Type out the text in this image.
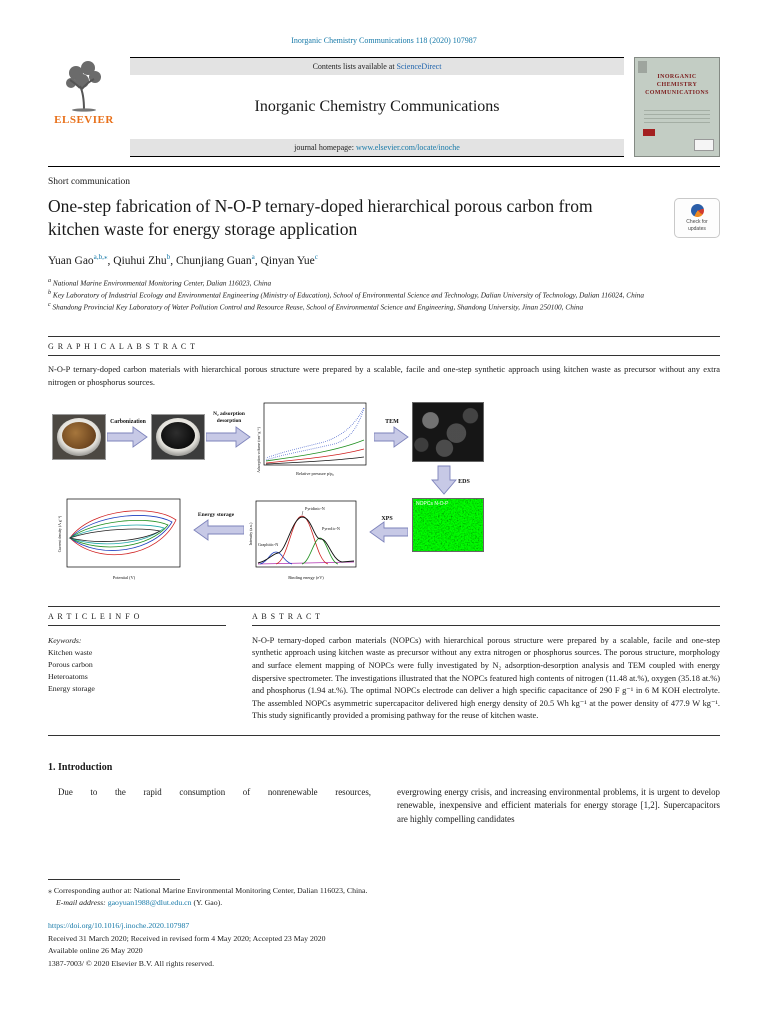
Inorganic Chemistry Communications 118 (2020) 107987
ELSEVIER
Contents lists available at ScienceDirect
Inorganic Chemistry Communications
journal homepage: www.elsevier.com/locate/inoche
INORGANIC CHEMISTRY COMMUNICATIONS
Short communication
One-step fabrication of N-O-P ternary-doped hierarchical porous carbon from kitchen waste for energy storage application	Check for
updates
Yuan Gao$^{a,b,⁎}$, Qiuhui Zhu$^b$, Chunjiang Guan$^a$, Qinyan Yue$^c$
$^a$ National Marine Environmental Monitoring Center, Dalian 116023, China
$^b$ Key Laboratory of Industrial Ecology and Environmental Engineering (Ministry of Education), School of Environmental Science and Technology, Dalian University of Technology, Dalian 116024, China
$^c$ Shandong Provincial Key Laboratory of Water Pollution Control and Resource Reuse, School of Environmental Science and Engineering, Shandong University, Jinan 250100, China
G R A P H I C A L A B S T R A C T
N-O-P ternary-doped carbon materials with hierarchical porous structure were prepared by a scalable, facile and one-step synthetic approach using kitchen waste as precursor without any extra nitrogen or phosphorus sources.
Carbonization
N₂ adsorption
desorption
Adsorption volume (cm³ g⁻¹)
Relative pressure p/p₀
TEM
EDS
NOPCs N-O-P
Current density (A g⁻¹)
Potential (V)
Energy storage
Pyridinic-N
Pyrrolic-N
Graphitic-N
Intensity (a.u.)
Binding energy (eV)
XPS
A R T I C L E I N F O
Keywords:
Kitchen waste
Porous carbon
Heteroatoms
Energy storage
A B S T R A C T
N-O-P ternary-doped carbon materials (NOPCs) with hierarchical porous structure were prepared by a scalable, facile and one-step synthetic approach using kitchen waste as precursor without any extra nitrogen or phosphorus sources. The porous structure, morphology and surface element mapping of NOPCs were fully investigated by N₂ adsorption-desorption analysis and TEM coupled with energy dispersive spectrometer. The investigations illustrated that the NOPCs featured high contents of nitrogen (11.48 at.%), oxygen (35.18 at.%) and phosphorus (1.94 at.%). The optimal NOPCs electrode can deliver a high specific capacitance of 290 F g⁻¹ in 6 M KOH electrolyte. The assembled NOPCs asymmetric supercapacitor delivered high energy density of 20.5 Wh kg⁻¹ at the power density of 477.9 W kg⁻¹. This study significantly provided a promising pathway for the reuse of kitchen waste.
1. Introduction
Due to the rapid consumption of nonrenewable resources,	evergrowing energy crisis, and increasing environmental problems, it is urgent to develop renewable, inexpensive and efficient materials for energy storage [1,2]. Supercapacitors are highly compelling candidates
⁎ Corresponding author at: National Marine Environmental Monitoring Center, Dalian 116023, China.
E-mail address: gaoyuan1988@dlut.edu.cn (Y. Gao).
https://doi.org/10.1016/j.inoche.2020.107987
Received 31 March 2020; Received in revised form 4 May 2020; Accepted 23 May 2020
Available online 26 May 2020
1387-7003/ © 2020 Elsevier B.V. All rights reserved.
